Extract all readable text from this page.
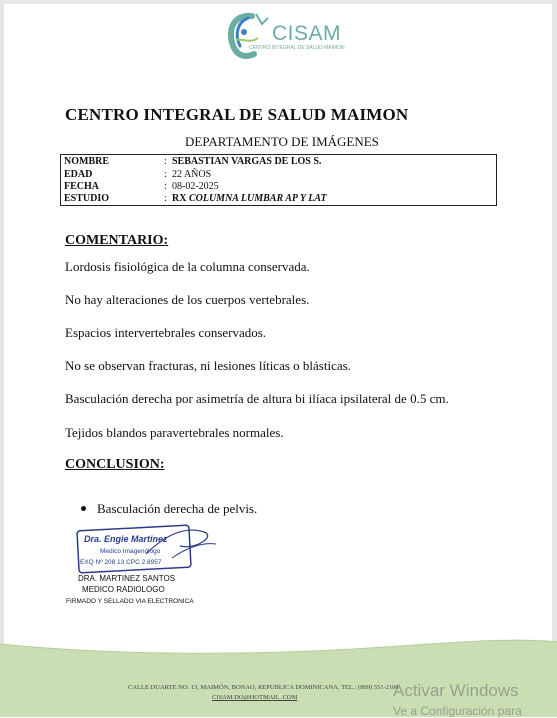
CISAM
CENTRO INTEGRAL DE SALUD MAIMON
CENTRO INTEGRAL DE SALUD MAIMON
DEPARTAMENTO DE IMÁGENES
NOMBRE	: SEBASTIAN VARGAS DE LOS S.
EDAD	: 22 AÑOS
FECHA	: 08-02-2025
ESTUDIO	: RX COLUMNA LUMBAR AP Y LAT
COMENTARIO:
Lordosis fisiológica de la columna conservada.
No hay alteraciones de los cuerpos vertebrales.
Espacios intervertebrales conservados.
No se observan fracturas, ni lesiones líticas o blásticas.
Basculación derecha por asimetría de altura bi ilíaca ipsilateral de 0.5 cm.
Tejidos blandos paravertebrales normales.
CONCLUSION:
Basculación derecha de pelvis.
Dra. Engie Martinez
Medico Imagenólogo
EXQ Nº 208 13 CPC 2 8957
DRA. MARTINEZ SANTOS
MEDICO RADIOLOGO
FIRMADO Y SELLADO VIA ELECTRONICA
CALLE DUARTE NO. 13, MAIMÓN, BONAO, REPUBLICA DOMINICANA, TEL.: (809) 551-2106
CISAM.DO@HOTMAIL .COM	Activar Windows
Ve a Configuración para
